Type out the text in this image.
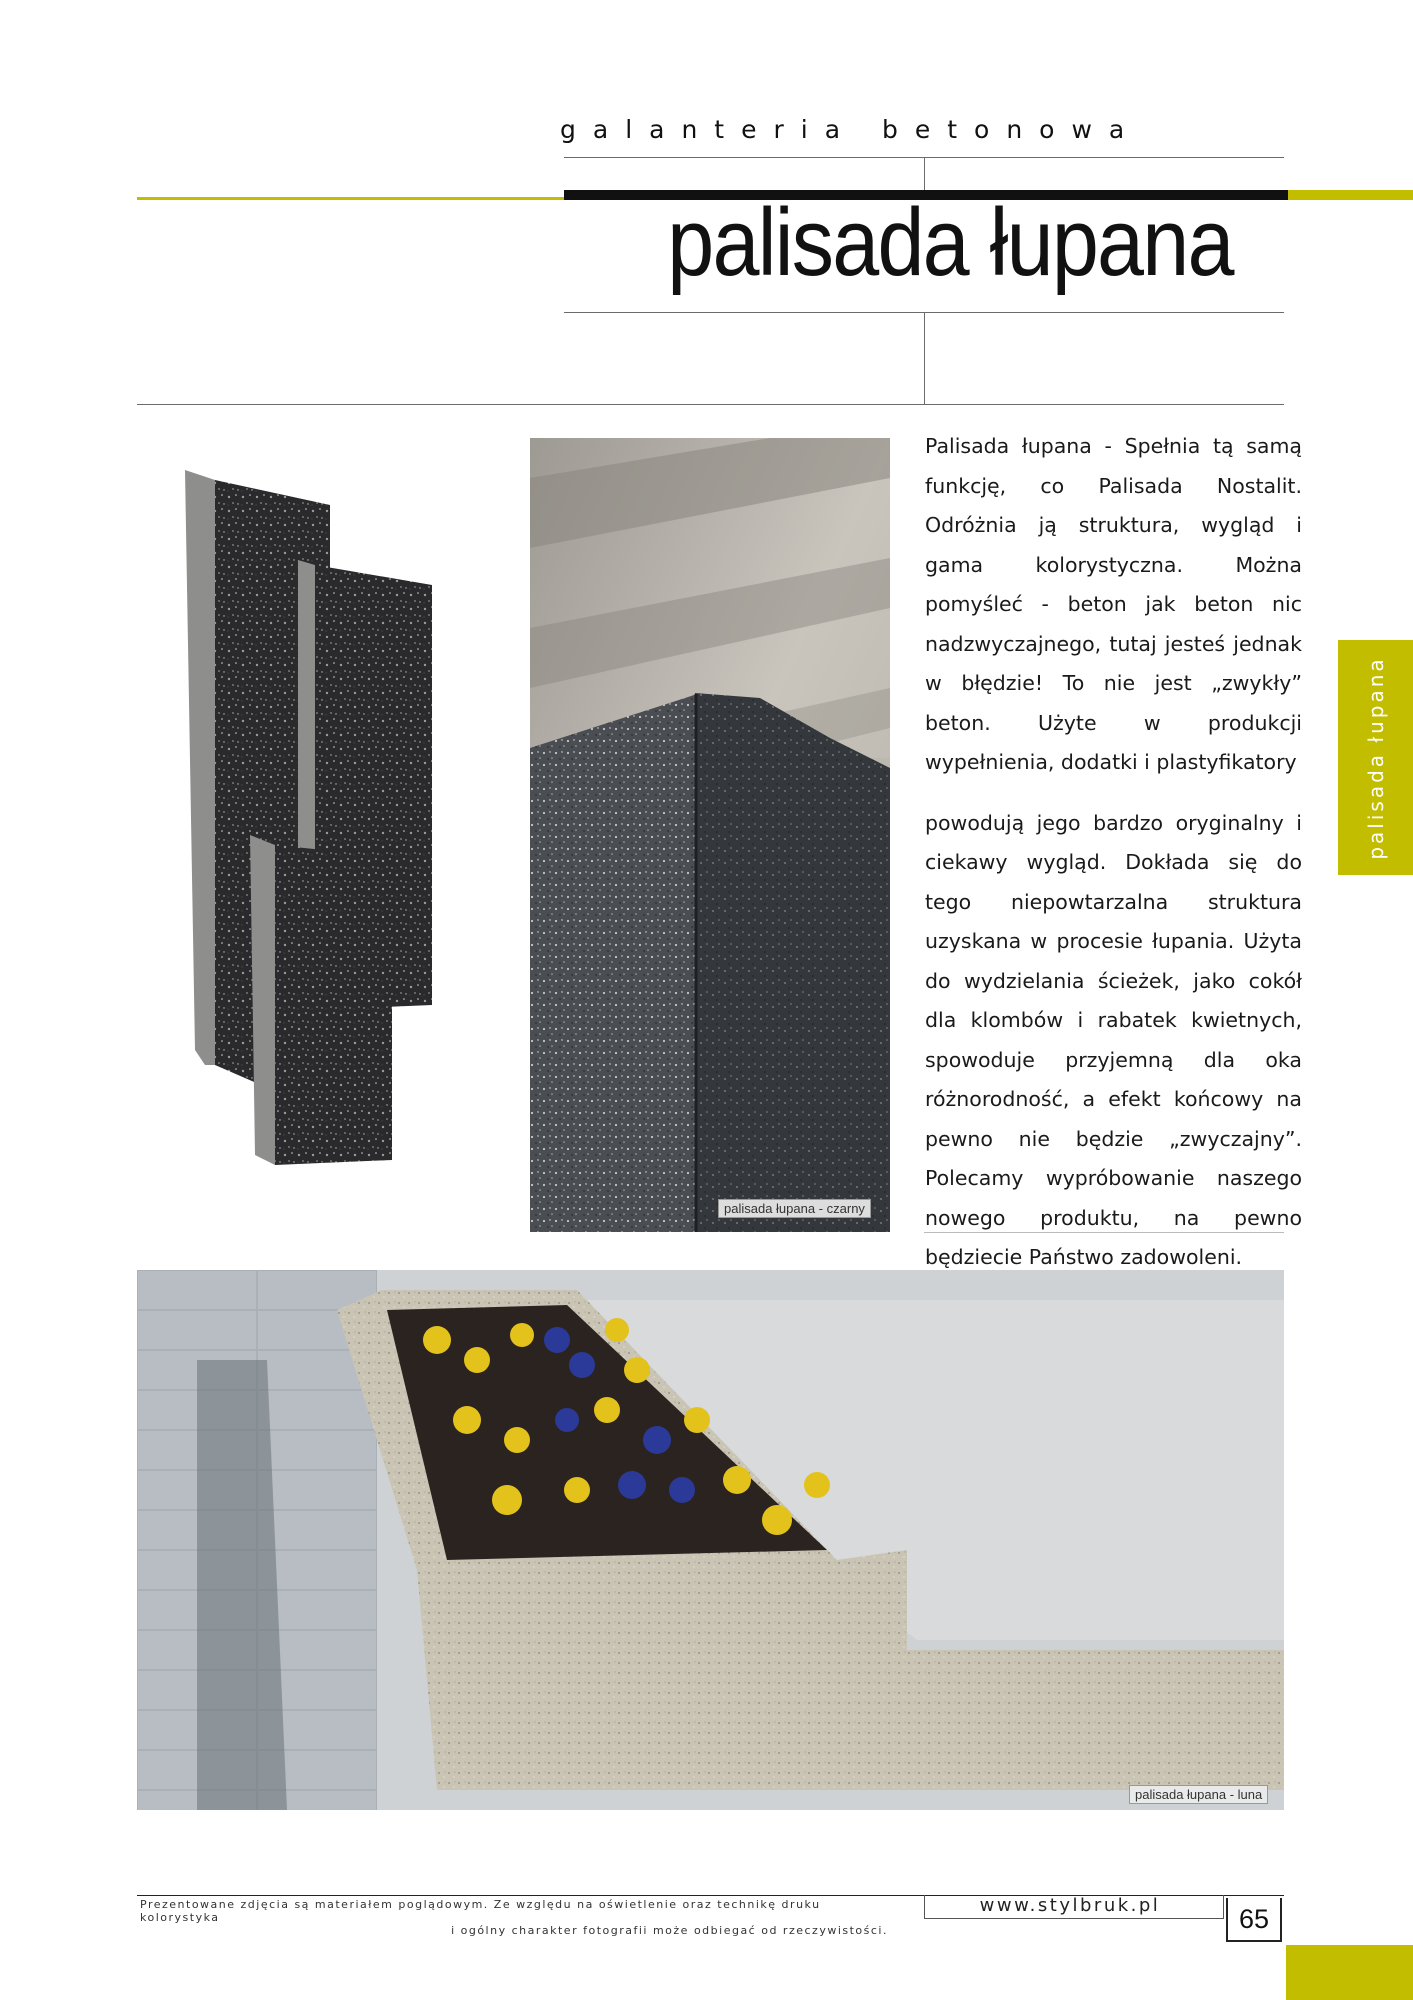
galanteria betonowa
palisada łupana
palisada łupana - czarny

Palisada łupana - Spełnia tą samą funkcję, co Palisada Nostalit. Odróżnia ją struktura, wygląd i gama kolorystyczna. Można pomyśleć - beton jak beton nic nadzwyczajnego, tutaj jesteś jednak w błędzie! To nie jest „zwykły” beton. Użyte w produkcji wypełnienia, dodatki i plastyfikatory

powodują jego bardzo oryginalny i ciekawy wygląd. Dokłada się do tego niepowtarzalna struktura uzyskana w procesie łupania. Użyta do wydzielania ścieżek, jako cokół dla klombów i rabatek kwietnych, spowoduje przyjemną dla oka różnorodność, a efekt końcowy na pewno nie będzie „zwyczajny”. Polecamy wypróbowanie naszego nowego produktu, na pewno będziecie Państwo zadowoleni.

palisada łupana
palisada łupana - luna
Prezentowane zdjęcia są materiałem poglądowym. Ze względu na oświetlenie oraz technikę druku kolorystyka
i ogólny charakter fotografii może odbiegać od rzeczywistości.
www.stylbruk.pl	65
